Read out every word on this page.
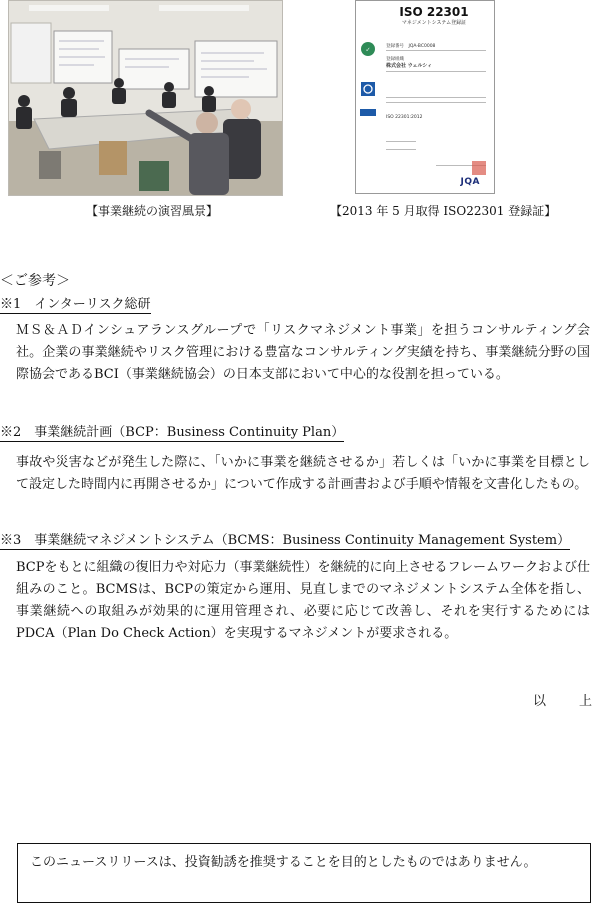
ISO 22301
マネジメントシステム登録証
✓	登録番号　JQA-BC0008
登録組織
株式会社 ウェルシィ
ISO 22301:2012
JQA
【事業継続の演習風景】	【2013 年 5 月取得 ISO22301 登録証】
＜ご参考＞
※1　インターリスク総研
ＭＳ＆ＡＤインシュアランスグループで「リスクマネジメント事業」を担うコンサルティング会社。企業の事業継続やリスク管理における豊富なコンサルティング実績を持ち、事業継続分野の国際協会であるBCI（事業継続協会）の日本支部において中心的な役割を担っている。
※2　事業継続計画（BCP：Business Continuity Plan）
事故や災害などが発生した際に、「いかに事業を継続させるか」若しくは「いかに事業を目標として設定した時間内に再開させるか」について作成する計画書および手順や情報を文書化したもの。
※3　事業継続マネジメントシステム（BCMS：Business Continuity Management System）
BCPをもとに組織の復旧力や対応力（事業継続性）を継続的に向上させるフレームワークおよび仕組みのこと。BCMSは、BCPの策定から運用、見直しまでのマネジメントシステム全体を指し、事業継続への取組みが効果的に運用管理され、必要に応じて改善し、それを実行するためにはPDCA（Plan Do Check Action）を実現するマネジメントが要求される。
以　上
このニュースリリースは、投資勧誘を推奨することを目的としたものではありません。
